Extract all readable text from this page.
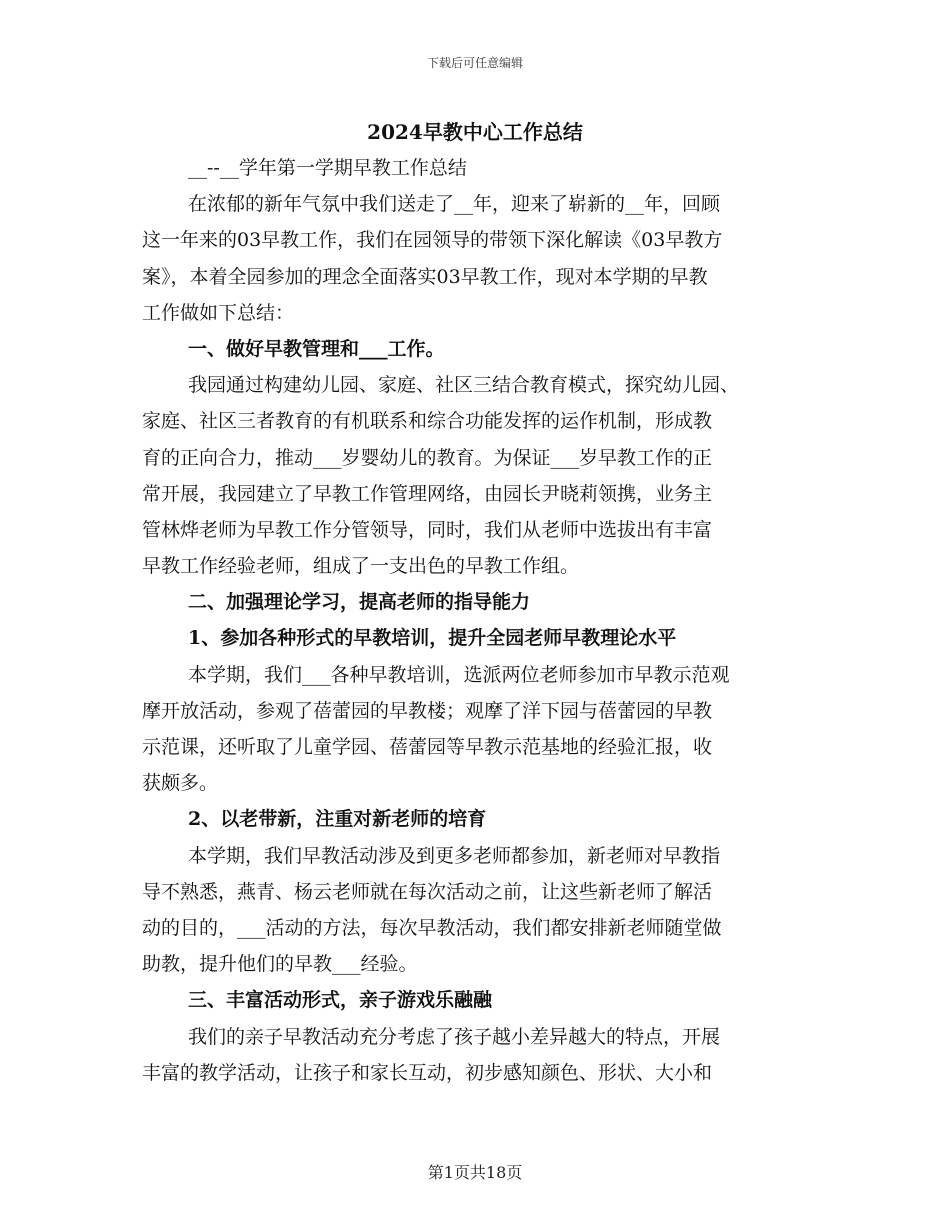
下载后可任意编辑
2024早教中心工作总结

__--__学年第一学期早教工作总结

在浓郁的新年气氛中我们送走了__年，迎来了崭新的__年，回顾

这一年来的03早教工作，我们在园领导的带领下深化解读《03早教方

案》，本着全园参加的理念全面落实03早教工作，现对本学期的早教

工作做如下总结：

一、做好早教管理和___工作。

我园通过构建幼儿园、家庭、社区三结合教育模式，探究幼儿园、

家庭、社区三者教育的有机联系和综合功能发挥的运作机制，形成教

育的正向合力，推动___岁婴幼儿的教育。为保证___岁早教工作的正

常开展，我园建立了早教工作管理网络，由园长尹晓莉领携，业务主

管林烨老师为早教工作分管领导，同时，我们从老师中选拔出有丰富

早教工作经验老师，组成了一支出色的早教工作组。

二、加强理论学习，提高老师的指导能力

1、参加各种形式的早教培训，提升全园老师早教理论水平

本学期，我们___各种早教培训，选派两位老师参加市早教示范观

摩开放活动，参观了蓓蕾园的早教楼；观摩了洋下园与蓓蕾园的早教

示范课，还听取了儿童学园、蓓蕾园等早教示范基地的经验汇报，收

获颇多。

2、以老带新，注重对新老师的培育

本学期，我们早教活动涉及到更多老师都参加，新老师对早教指

导不熟悉，燕青、杨云老师就在每次活动之前，让这些新老师了解活

动的目的，___活动的方法，每次早教活动，我们都安排新老师随堂做

助教，提升他们的早教___经验。

三、丰富活动形式，亲子游戏乐融融

我们的亲子早教活动充分考虑了孩子越小差异越大的特点，开展

丰富的教学活动，让孩子和家长互动，初步感知颜色、形状、大小和

第1页共18页
